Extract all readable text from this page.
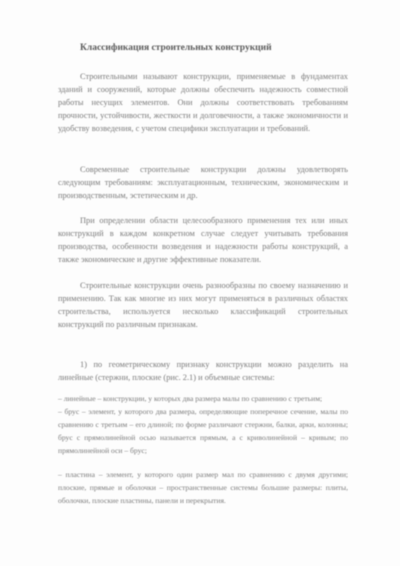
Классификация строительных конструкций

Строительными называют конструкции, применяемые в фундаментах зданий и сооружений, которые должны обеспечить надежность совместной работы несущих элементов. Они должны соответствовать требованиям прочности, устойчивости, жесткости и долговечности, а также экономичности и удобству возведения, с учетом специфики эксплуатации и требований.

Современные строительные конструкции должны удовлетворять следующим требованиям: эксплуатационным, техническим, экономическим и производственным, эстетическим и др.

При определении области целесообразного применения тех или иных конструкций в каждом конкретном случае следует учитывать требования производства, особенности возведения и надежности работы конструкций, а также экономические и другие эффективные показатели.

Строительные конструкции очень разнообразны по своему назначению и применению. Так как многие из них могут применяться в различных областях строительства, используется несколько классификаций строительных конструкций по различным признакам.

1) по геометрическому признаку конструкции можно разделить на линейные (стержни, плоские (рис. 2.1) и объемные системы:

– линейные – конструкции, у которых два размера малы по сравнению с третьим;

– брус – элемент, у которого два размера, определяющие поперечное сечение, малы по сравнению с третьим – его длиной; по форме различают стержни, балки, арки, колонны; брус с прямолинейной осью называется прямым, а с криволинейной – кривым; по прямолинейной оси – брус;

– пластина – элемент, у которого один размер мал по сравнению с двумя другими; плоские, прямые и оболочки – пространственные системы большие размеры: плиты, оболочки, плоские пластины, панели и перекрытия.
